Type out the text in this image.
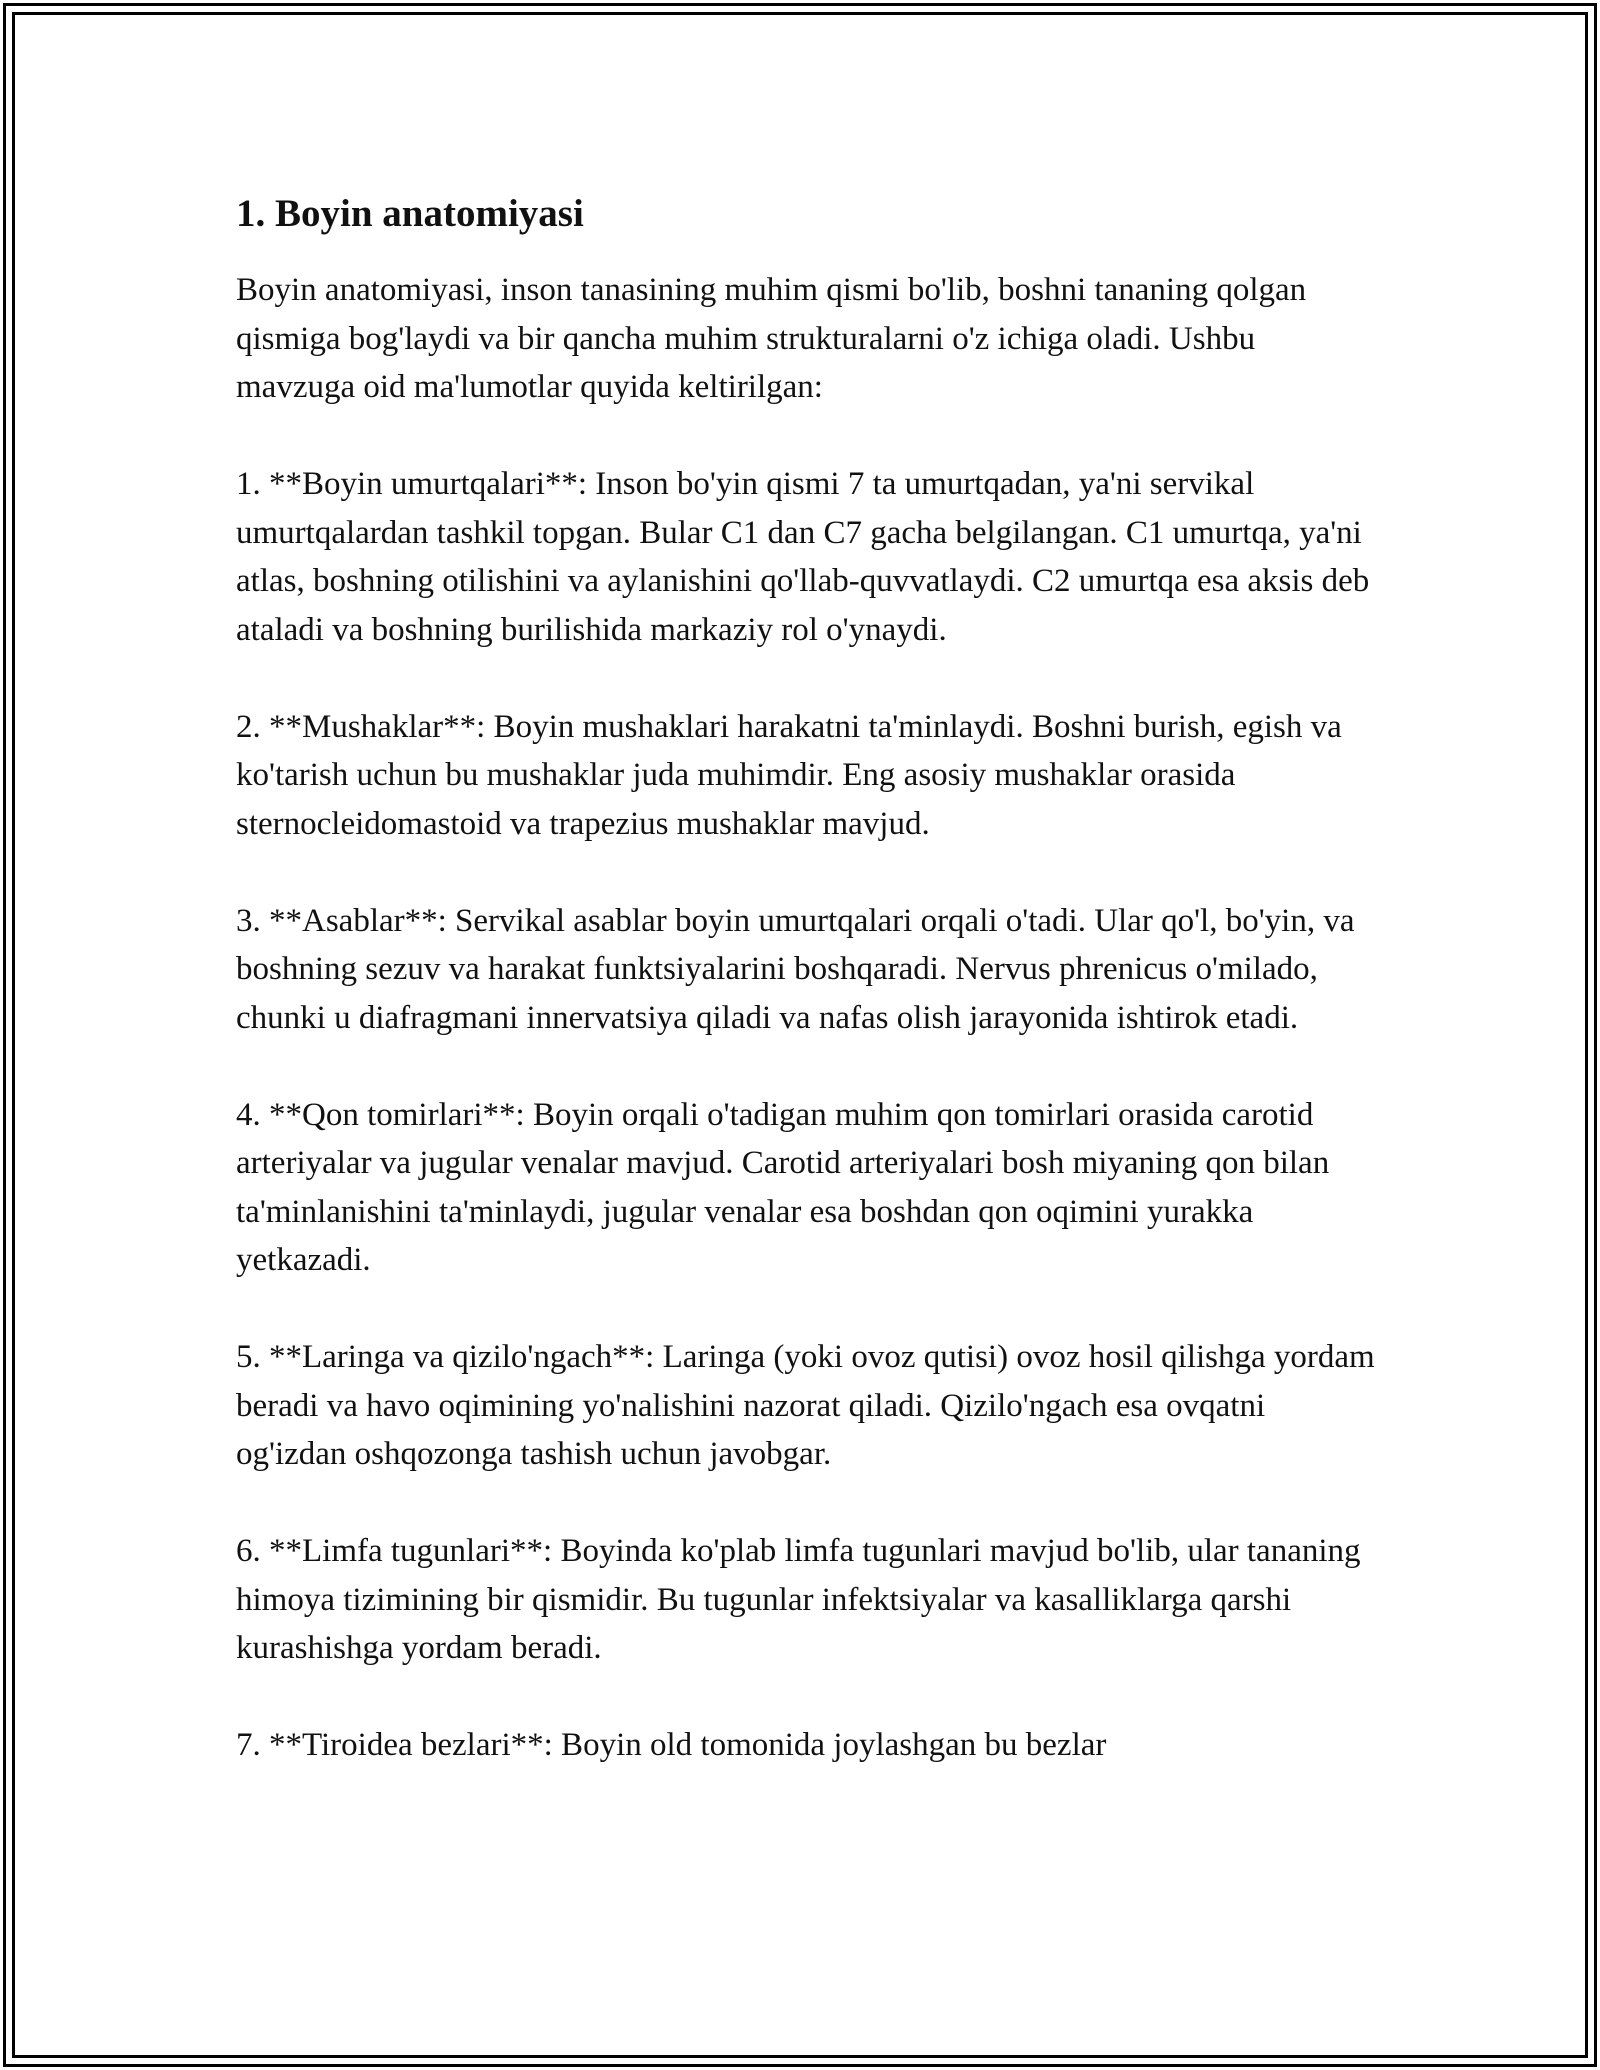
1. Boyin anatomiyasi

Boyin anatomiyasi, inson tanasining muhim qismi bo'lib, boshni tananing qolgan qismiga bog'laydi va bir qancha muhim strukturalarni o'z ichiga oladi. Ushbu mavzuga oid ma'lumotlar quyida keltirilgan:

1. **Boyin umurtqalari**: Inson bo'yin qismi 7 ta umurtqadan, ya'ni servikal umurtqalardan tashkil topgan. Bular C1 dan C7 gacha belgilangan. C1 umurtqa, ya'ni atlas, boshning otilishini va aylanishini qo'llab-quvvatlaydi. C2 umurtqa esa aksis deb ataladi va boshning burilishida markaziy rol o'ynaydi.

2. **Mushaklar**: Boyin mushaklari harakatni ta'minlaydi. Boshni burish, egish va ko'tarish uchun bu mushaklar juda muhimdir. Eng asosiy mushaklar orasida sternocleidomastoid va trapezius mushaklar mavjud.

3. **Asablar**: Servikal asablar boyin umurtqalari orqali o'tadi. Ular qo'l, bo'yin, va boshning sezuv va harakat funktsiyalarini boshqaradi. Nervus phrenicus o'milado, chunki u diafragmani innervatsiya qiladi va nafas olish jarayonida ishtirok etadi.

4. **Qon tomirlari**: Boyin orqali o'tadigan muhim qon tomirlari orasida carotid arteriyalar va jugular venalar mavjud. Carotid arteriyalari bosh miyaning qon bilan ta'minlanishini ta'minlaydi, jugular venalar esa boshdan qon oqimini yurakka yetkazadi.

5. **Laringa va qizilo'ngach**: Laringa (yoki ovoz qutisi) ovoz hosil qilishga yordam beradi va havo oqimining yo'nalishini nazorat qiladi. Qizilo'ngach esa ovqatni og'izdan oshqozonga tashish uchun javobgar.

6. **Limfa tugunlari**: Boyinda ko'plab limfa tugunlari mavjud bo'lib, ular tananing himoya tizimining bir qismidir. Bu tugunlar infektsiyalar va kasalliklarga qarshi kurashishga yordam beradi.

7. **Tiroidea bezlari**: Boyin old tomonida joylashgan bu bezlar
